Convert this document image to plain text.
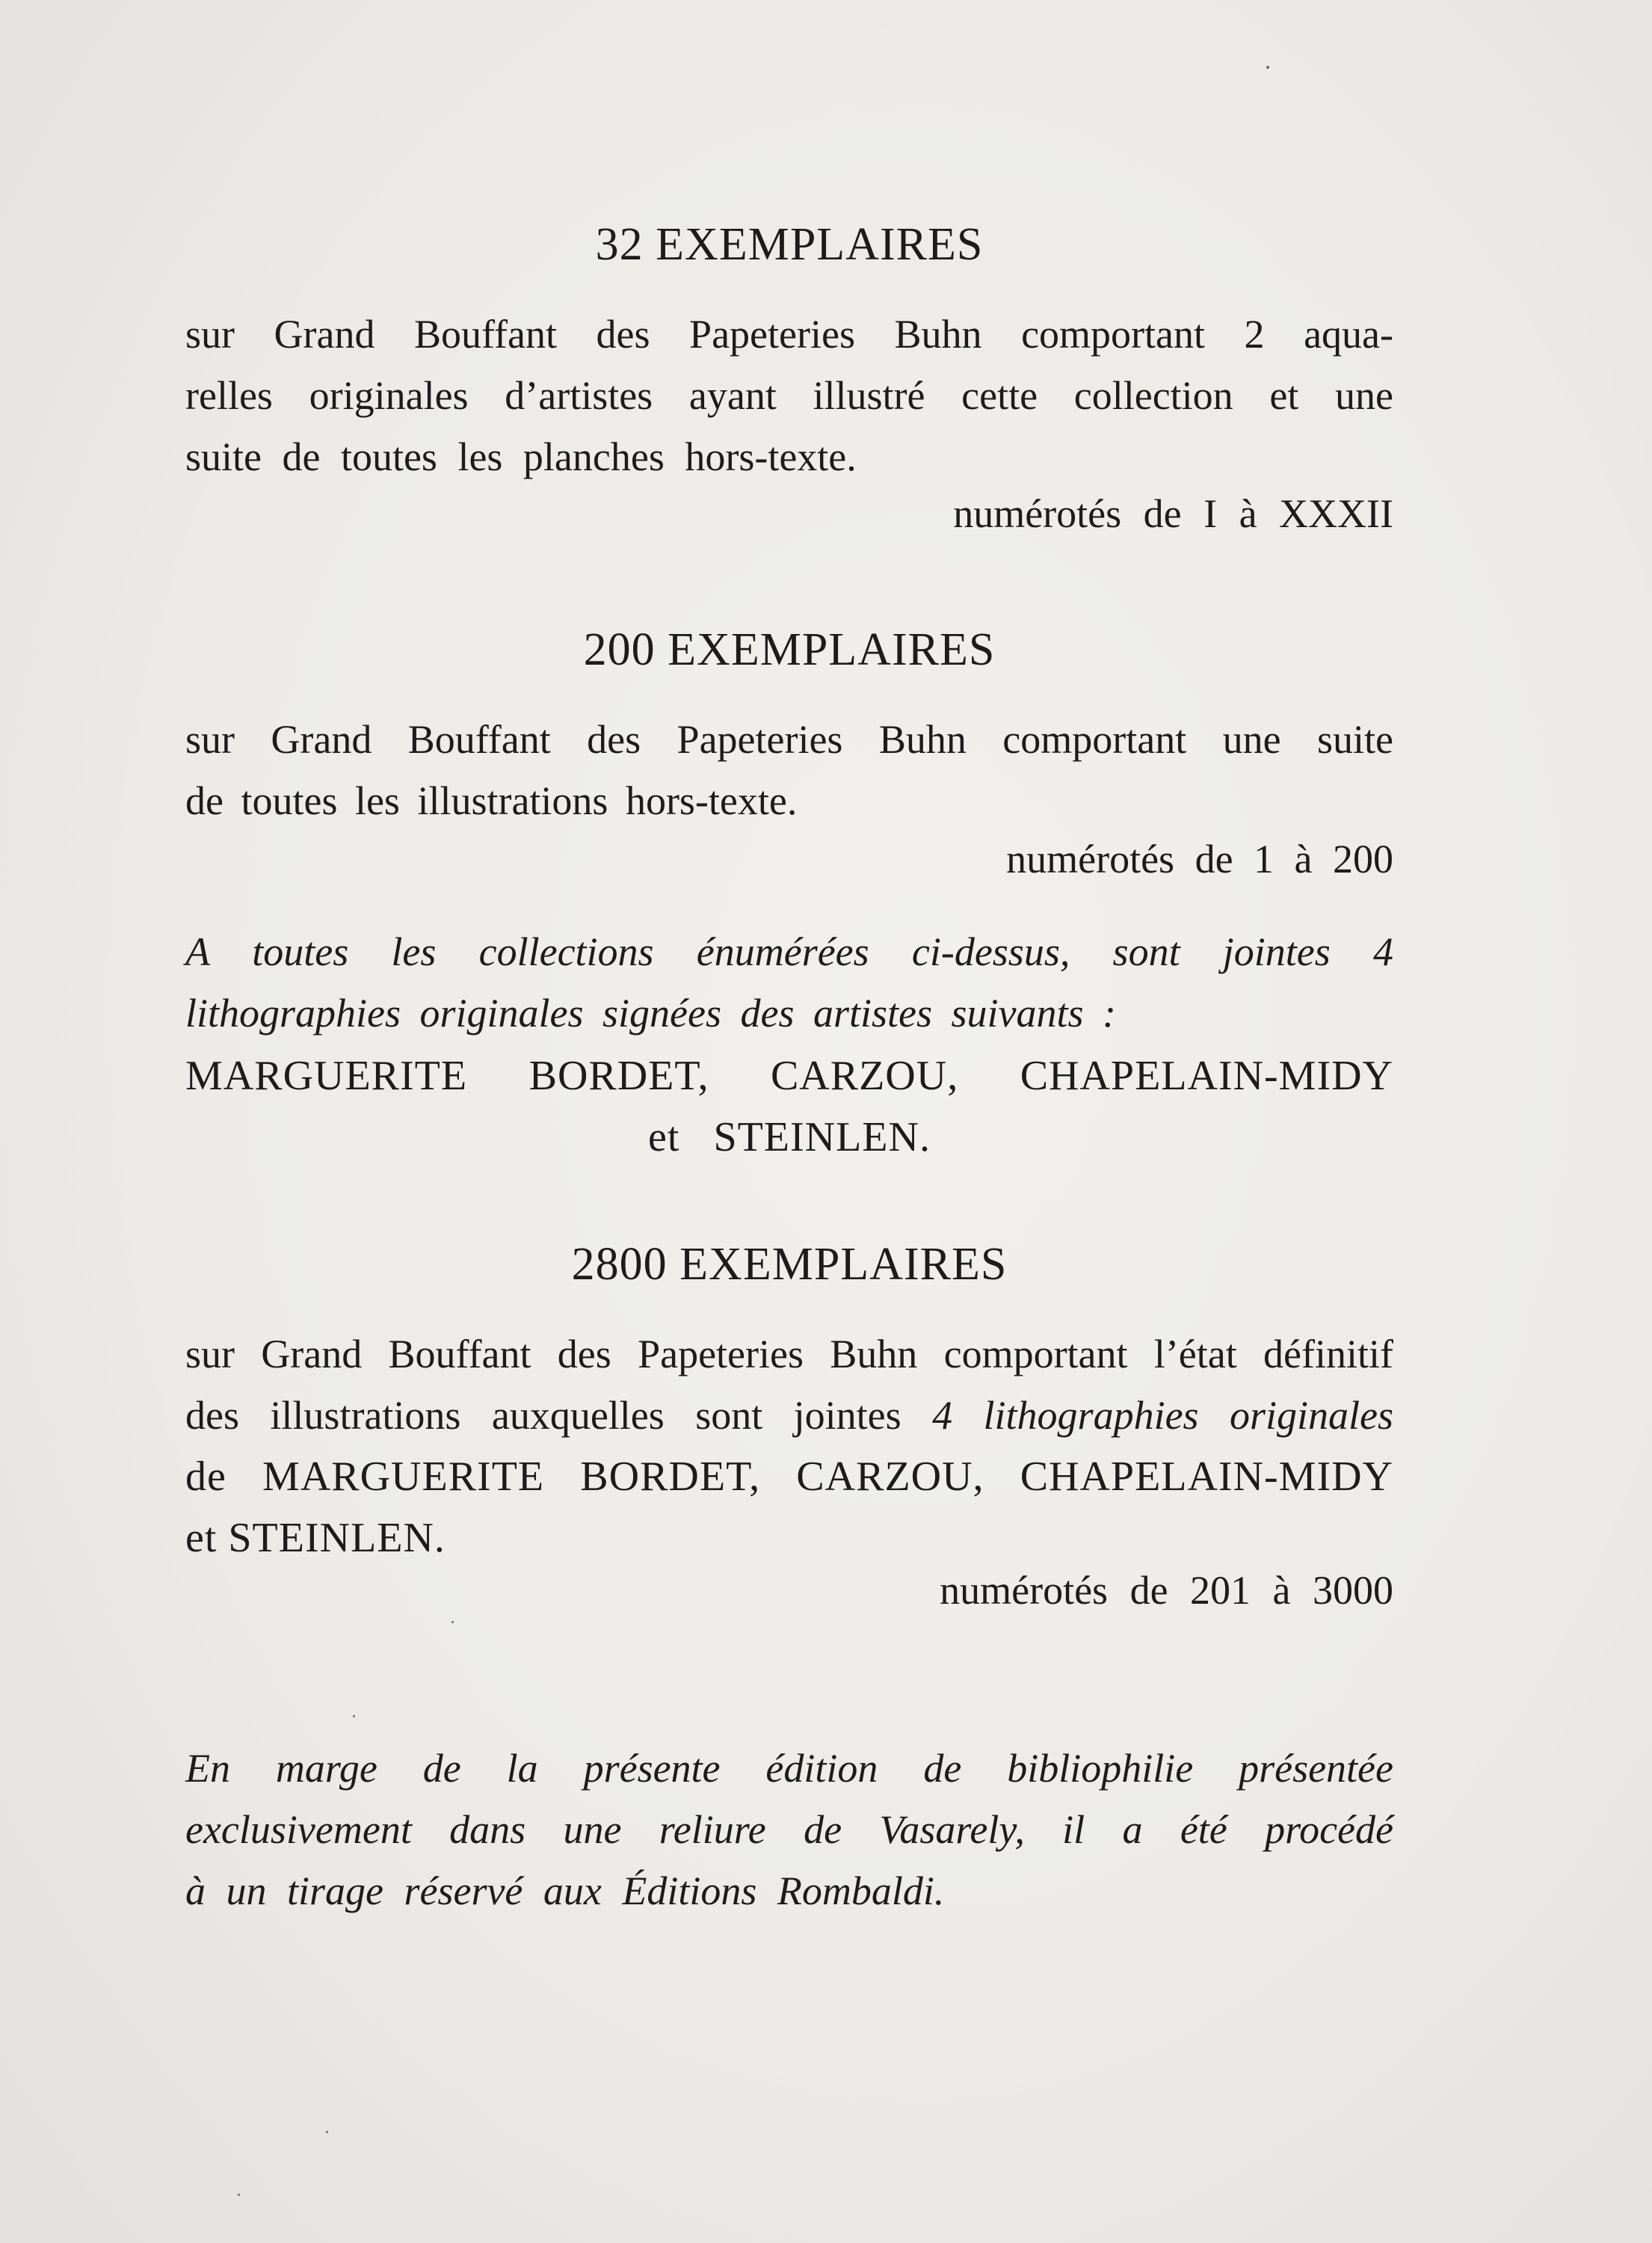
32 EXEMPLAIRES
sur Grand Bouffant des Papeteries Buhn comportant 2 aqua-
relles originales d’artistes ayant illustré cette collection et une
suite de toutes les planches hors-texte.
numérotés de I à XXXII
200 EXEMPLAIRES
sur Grand Bouffant des Papeteries Buhn comportant une suite
de toutes les illustrations hors-texte.
numérotés de 1 à 200
A toutes les collections énumérées ci-dessus, sont jointes 4
lithographies originales signées des artistes suivants :
MARGUERITE BORDET, CARZOU, CHAPELAIN-MIDY
et STEINLEN.
2800 EXEMPLAIRES
sur Grand Bouffant des Papeteries Buhn comportant l’état définitif
des illustrations auxquelles sont jointes 4 lithographies originales
de MARGUERITE BORDET, CARZOU, CHAPELAIN-MIDY
et STEINLEN.
numérotés de 201 à 3000
En marge de la présente édition de bibliophilie présentée
exclusivement dans une reliure de Vasarely, il a été procédé
à un tirage réservé aux Éditions Rombaldi.
